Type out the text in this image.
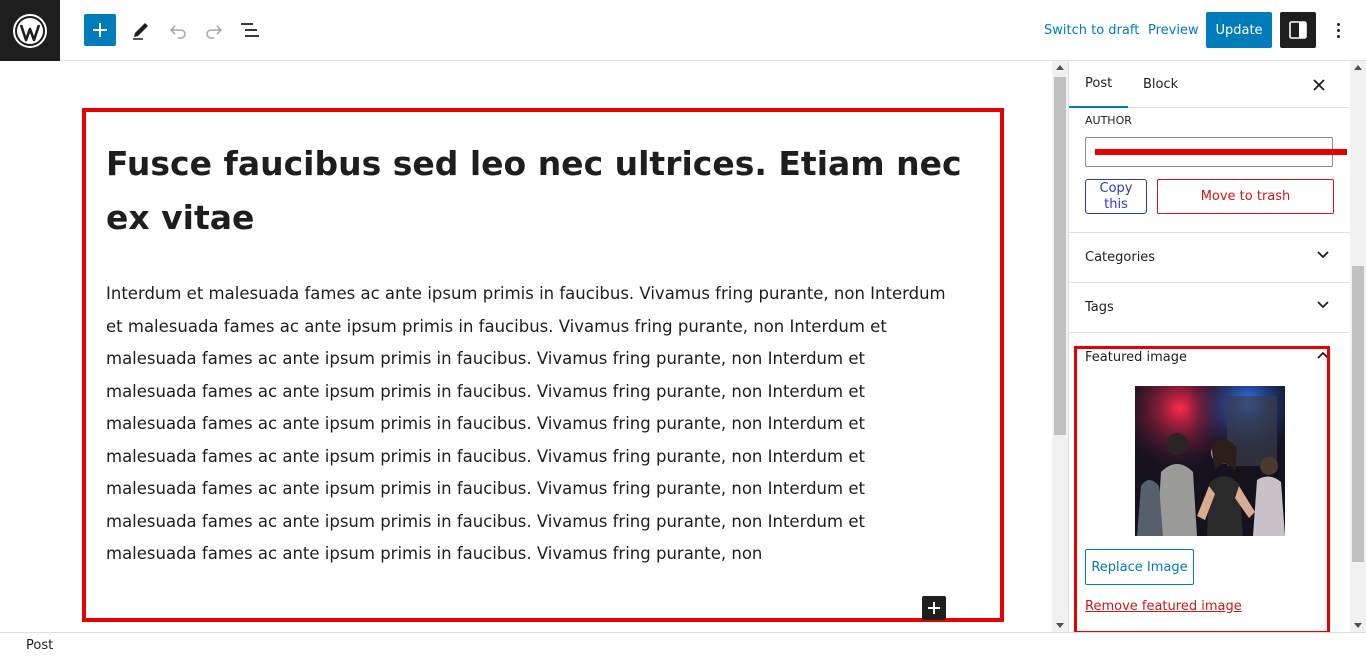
Switch to draft Preview	Update
Fusce faucibus sed leo nec ultrices. Etiam nec ex vitae

Interdum et malesuada fames ac ante ipsum primis in faucibus. Vivamus fring purante, non Interdum et malesuada fames ac ante ipsum primis in faucibus. Vivamus fring purante, non Interdum et malesuada fames ac ante ipsum primis in faucibus. Vivamus fring purante, non Interdum et malesuada fames ac ante ipsum primis in faucibus. Vivamus fring purante, non Interdum et malesuada fames ac ante ipsum primis in faucibus. Vivamus fring purante, non Interdum et malesuada fames ac ante ipsum primis in faucibus. Vivamus fring purante, non Interdum et malesuada fames ac ante ipsum primis in faucibus. Vivamus fring purante, non Interdum et malesuada fames ac ante ipsum primis in faucibus. Vivamus fring purante, non Interdum et malesuada fames ac ante ipsum primis in faucibus. Vivamus fring purante, non

Post	Block
AUTHOR
Copy this
Move to trash
Categories
Tags
Featured image
Replace Image
Remove featured image
Post
